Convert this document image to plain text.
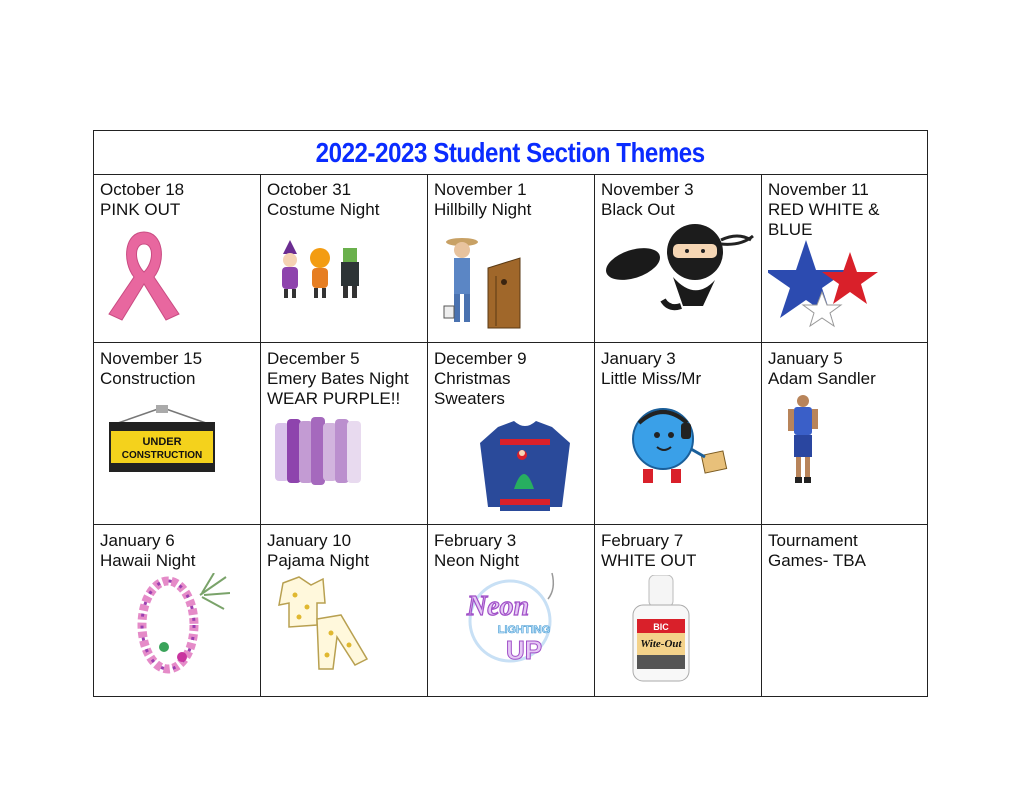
2022-2023 Student Section Themes
October 18
PINK OUT
October 31
Costume Night
November 1
Hillbilly Night
November 3
Black Out
November 11
RED WHITE & BLUE
November 15
Construction
UNDER
CONSTRUCTION
December 5
Emery Bates Night WEAR PURPLE!!
December 9
Christmas Sweaters
January 3
Little Miss/Mr
January 5
Adam Sandler
January 6
Hawaii Night
January 10
Pajama Night
February 3
Neon Night
Neon
LIGHTING
UP
February 7
WHITE OUT
BIC
Wite-Out
Tournament Games- TBA
